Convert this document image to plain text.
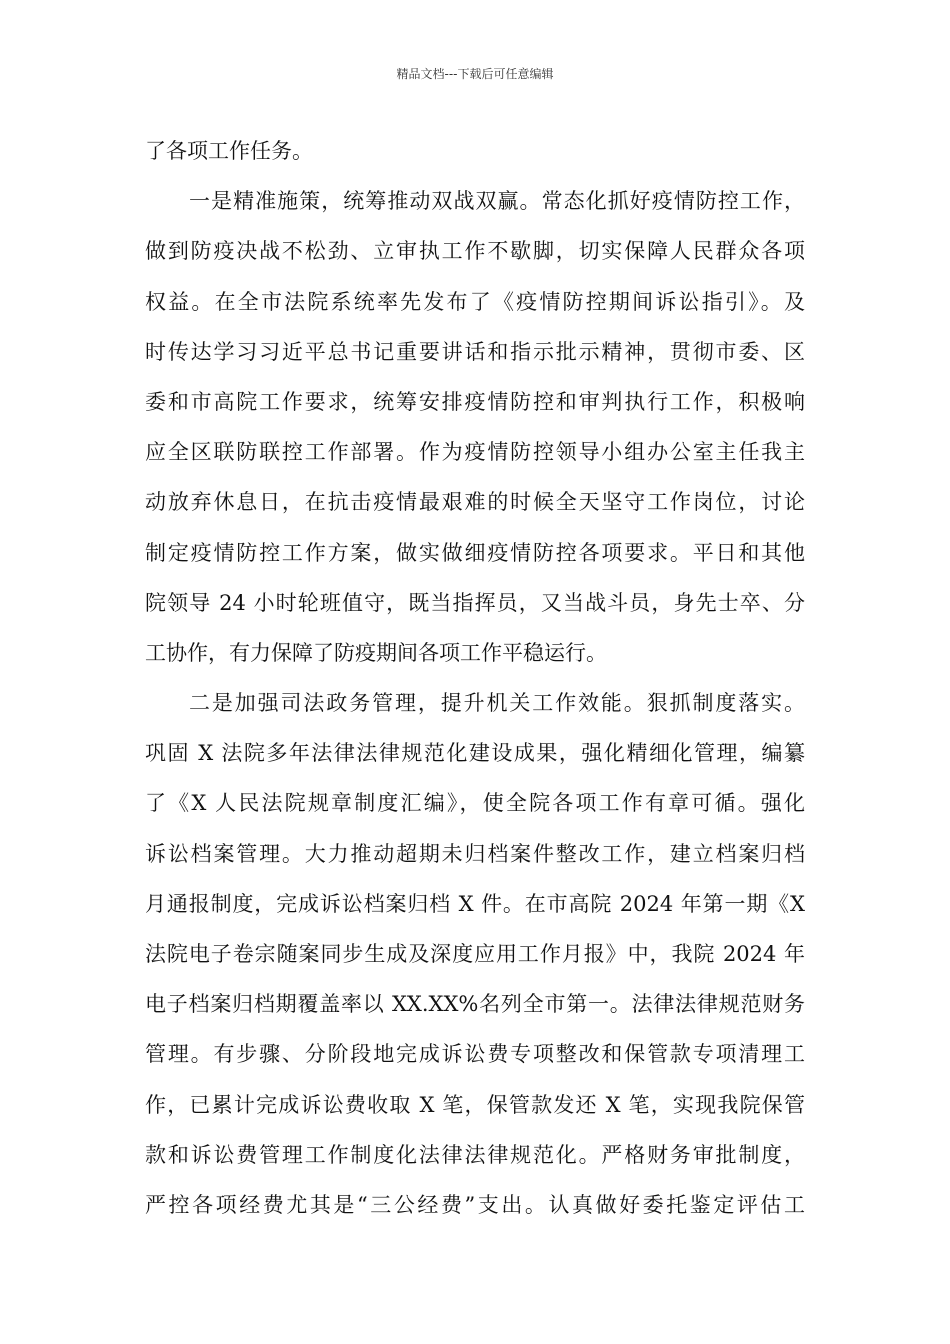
精品文档---下载后可任意编辑
了各项工作任务。
一是精准施策，统筹推动双战双赢。常态化抓好疫情防控工作，
做到防疫决战不松劲、立审执工作不歇脚，切实保障人民群众各项
权益。在全市法院系统率先发布了《疫情防控期间诉讼指引》。及
时传达学习习近平总书记重要讲话和指示批示精神，贯彻市委、区
委和市高院工作要求，统筹安排疫情防控和审判执行工作，积极响
应全区联防联控工作部署。作为疫情防控领导小组办公室主任我主
动放弃休息日，在抗击疫情最艰难的时候全天坚守工作岗位，讨论
制定疫情防控工作方案，做实做细疫情防控各项要求。平日和其他
院领导 24 小时轮班值守，既当指挥员，又当战斗员，身先士卒、分
工协作，有力保障了防疫期间各项工作平稳运行。
二是加强司法政务管理，提升机关工作效能。狠抓制度落实。
巩固 X 法院多年法律法律规范化建设成果，强化精细化管理，编纂
了《X 人民法院规章制度汇编》，使全院各项工作有章可循。强化
诉讼档案管理。大力推动超期未归档案件整改工作，建立档案归档
月通报制度，完成诉讼档案归档 X 件。在市高院 2024 年第一期《X
法院电子卷宗随案同步生成及深度应用工作月报》中，我院 2024 年
电子档案归档期覆盖率以 XX.XX%名列全市第一。法律法律规范财务
管理。有步骤、分阶段地完成诉讼费专项整改和保管款专项清理工
作，已累计完成诉讼费收取 X 笔，保管款发还 X 笔，实现我院保管
款和诉讼费管理工作制度化法律法律规范化。严格财务审批制度，
严控各项经费尤其是“三公经费”支出。认真做好委托鉴定评估工
